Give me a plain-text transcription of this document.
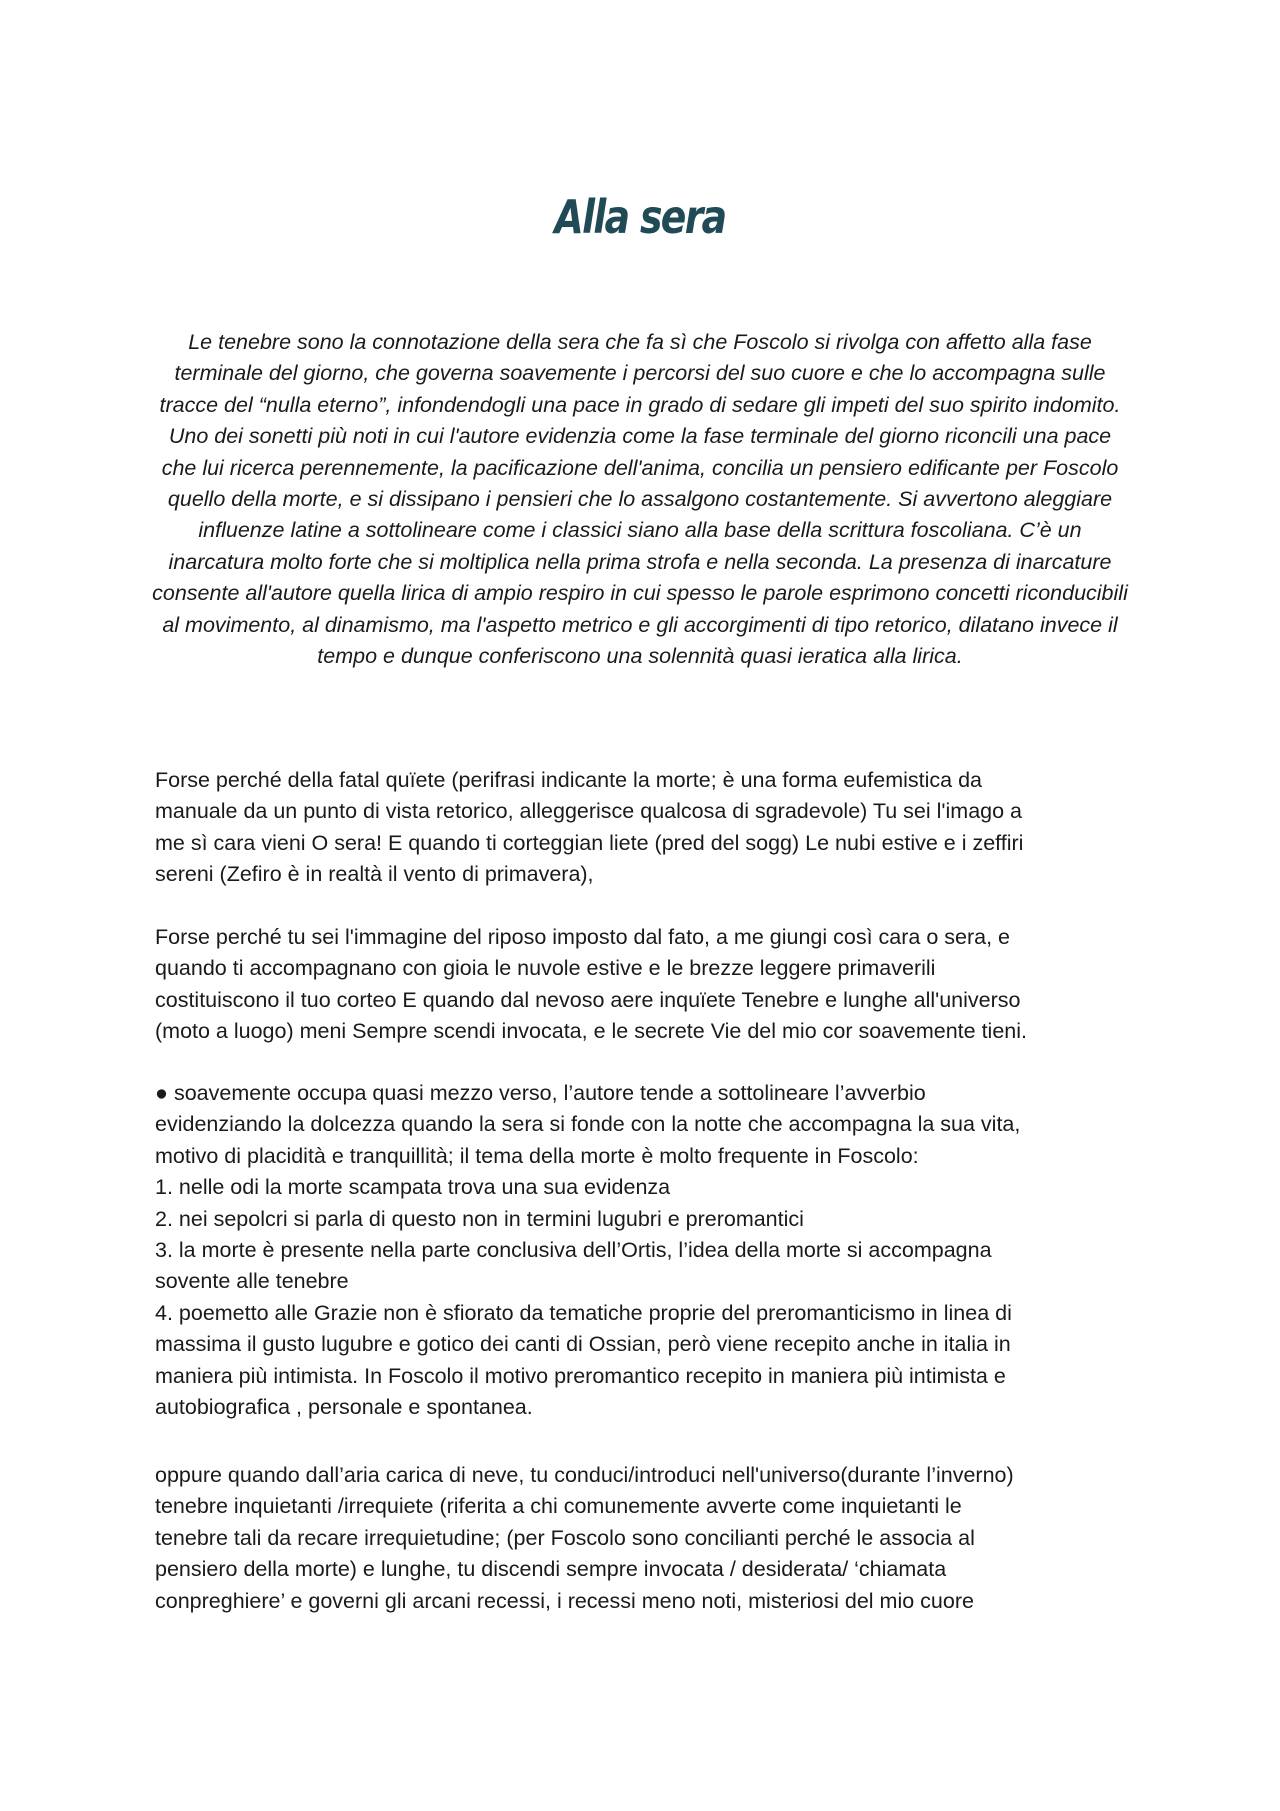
Alla sera

Le tenebre sono la connotazione della sera che fa sì che Foscolo si rivolga con affetto alla fase terminale del giorno, che governa soavemente i percorsi del suo cuore e che lo accompagna sulle tracce del “nulla eterno”, infondendogli una pace in grado di sedare gli impeti del suo spirito indomito. Uno dei sonetti più noti in cui l'autore evidenzia come la fase terminale del giorno riconcili una pace che lui ricerca perennemente, la pacificazione dell'anima, concilia un pensiero edificante per Foscolo quello della morte, e si dissipano i pensieri che lo assalgono costantemente. Si avvertono aleggiare influenze latine a sottolineare come i classici siano alla base della scrittura foscoliana. C’è un inarcatura molto forte che si moltiplica nella prima strofa e nella seconda. La presenza di inarcature consente all'autore quella lirica di ampio respiro in cui spesso le parole esprimono concetti riconducibili al movimento, al dinamismo, ma l'aspetto metrico e gli accorgimenti di tipo retorico, dilatano invece il tempo e dunque conferiscono una solennità quasi ieratica alla lirica.

Forse perché della fatal quïete (perifrasi indicante la morte; è una forma eufemistica da
manuale da un punto di vista retorico, alleggerisce qualcosa di sgradevole) Tu sei l'imago a
me sì cara vieni O sera! E quando ti corteggian liete (pred del sogg) Le nubi estive e i zeffiri
sereni (Zefiro è in realtà il vento di primavera),
Forse perché tu sei l'immagine del riposo imposto dal fato, a me giungi così cara o sera, e
quando ti accompagnano con gioia le nuvole estive e le brezze leggere primaverili
costituiscono il tuo corteo E quando dal nevoso aere inquïete Tenebre e lunghe all'universo
(moto a luogo) meni Sempre scendi invocata, e le secrete Vie del mio cor soavemente tieni.
● soavemente occupa quasi mezzo verso, l’autore tende a sottolineare l’avverbio
evidenziando la dolcezza quando la sera si fonde con la notte che accompagna la sua vita,
motivo di placidità e tranquillità; il tema della morte è molto frequente in Foscolo:
1. nelle odi la morte scampata trova una sua evidenza
2. nei sepolcri si parla di questo non in termini lugubri e preromantici
3. la morte è presente nella parte conclusiva dell’Ortis, l’idea della morte si accompagna
sovente alle tenebre
4. poemetto alle Grazie non è sfiorato da tematiche proprie del preromanticismo in linea di
massima il gusto lugubre e gotico dei canti di Ossian, però viene recepito anche in italia in
maniera più intimista. In Foscolo il motivo preromantico recepito in maniera più intimista e
autobiografica , personale e spontanea.
oppure quando dall’aria carica di neve, tu conduci/introduci nell'universo(durante l’inverno)
tenebre inquietanti /irrequiete (riferita a chi comunemente avverte come inquietanti le
tenebre tali da recare irrequietudine; (per Foscolo sono concilianti perché le associa al
pensiero della morte) e lunghe, tu discendi sempre invocata / desiderata/ ‘chiamata
conpreghiere’ e governi gli arcani recessi, i recessi meno noti, misteriosi del mio cuore
